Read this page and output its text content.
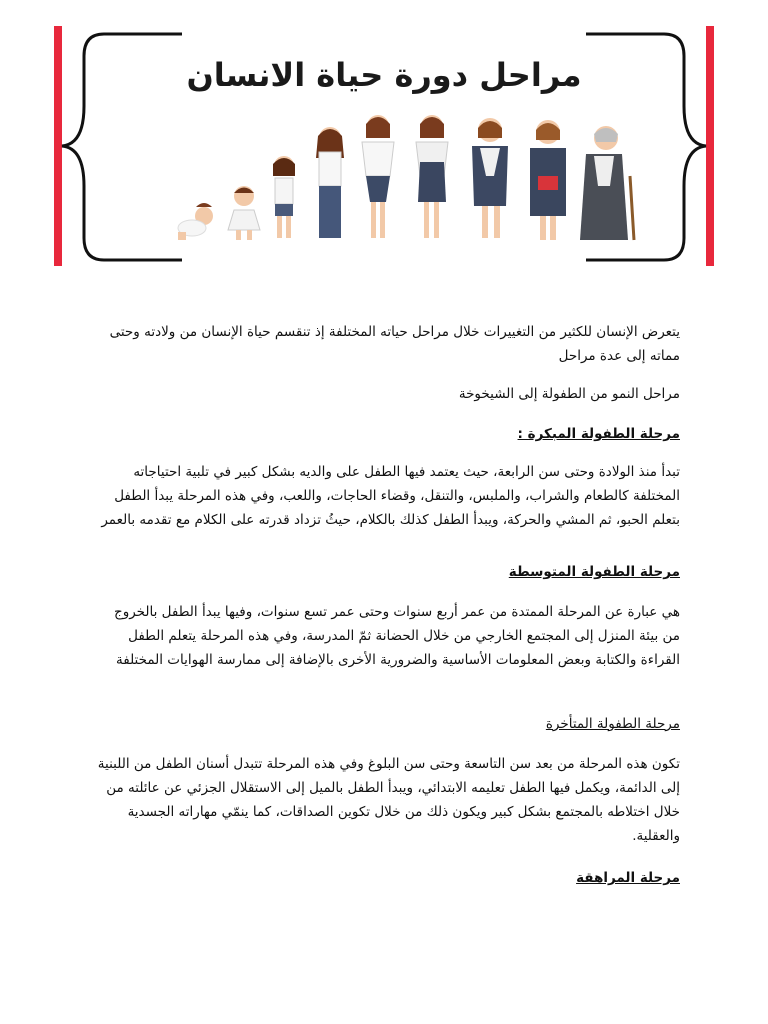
مراحل دورة حياة الانسان

يتعرض الإنسان للكثير من التغييرات خلال مراحل حياته المختلفة إذ تنقسم حياة الإنسان من ولادته وحتى مماته إلى عدة مراحل

مراحل النمو من الطفولة إلى الشيخوخة

مرحلة الطفولة المبكرة :

تبدأ منذ الولادة وحتى سن الرابعة، حيث يعتمد فيها الطفل على والديه بشكل كبير في تلبية احتياجاته المختلفة كالطعام والشراب، والملبس، والتنقل، وقضاء الحاجات، واللعب، وفي هذه المرحلة يبدأ الطفل بتعلم الحبو، ثم المشي والحركة، ويبدأ الطفل كذلك بالكلام، حيثُ تزداد قدرته على الكلام مع تقدمه بالعمر

مرحلة الطفولة المتوسطة

هي عبارة عن المرحلة الممتدة من عمر أربع سنوات وحتى عمر تسع سنوات، وفيها يبدأ الطفل بالخروج من بيئة المنزل إلى المجتمع الخارجي من خلال الحضانة ثمّ المدرسة، وفي هذه المرحلة يتعلم الطفل القراءة والكتابة وبعض المعلومات الأساسية والضرورية الأخرى بالإضافة إلى ممارسة الهوايات المختلفة

مرحلة الطفولة المتأخرة

تكون هذه المرحلة من بعد سن التاسعة وحتى سن البلوغ وفي هذه المرحلة تتبدل أسنان الطفل من اللبنية إلى الدائمة، ويكمل فيها الطفل تعليمه الابتدائي، ويبدأ الطفل بالميل إلى الاستقلال الجزئي عن عائلته من خلال اختلاطه بالمجتمع بشكل كبير ويكون ذلك من خلال تكوين الصداقات، كما ينمّي مهاراته الجسدية والعقلية.

مرحلة المراهقة
